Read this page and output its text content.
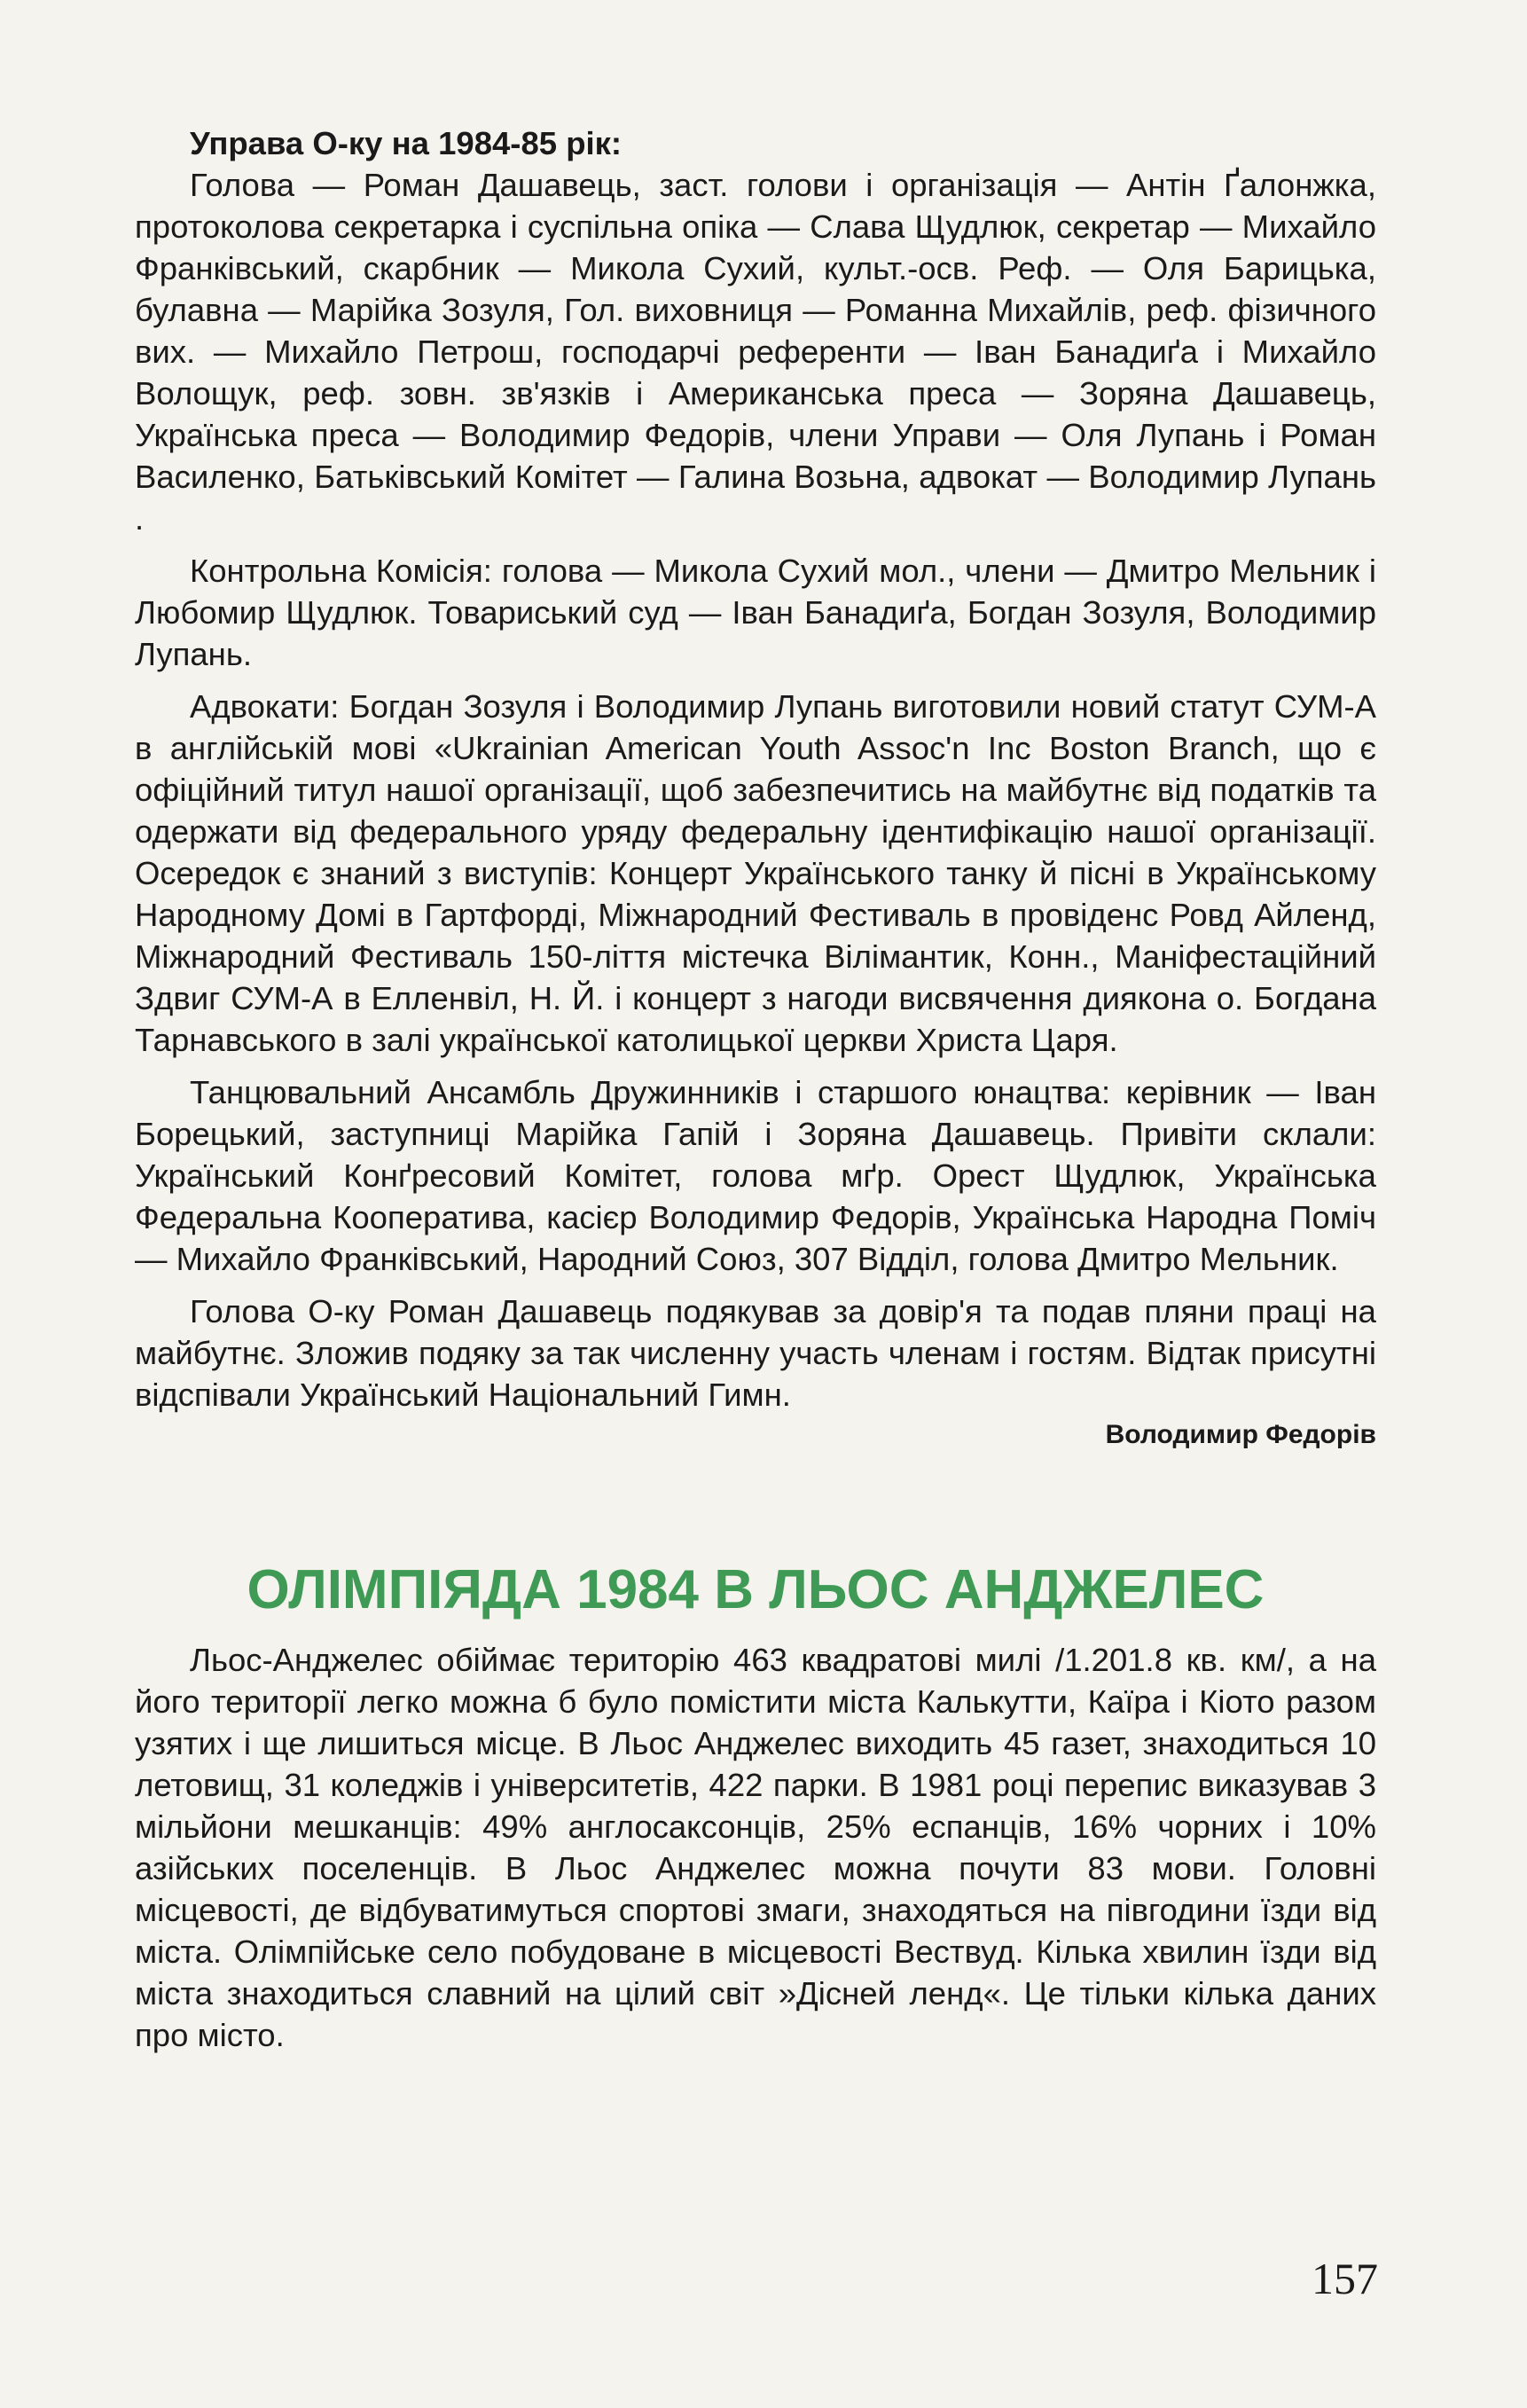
Управа О-ку на 1984-85 рік:

Голова — Роман Дашавець, заст. голови і організація — Антін Ґалонжка, протоколова секретарка і суспільна опіка — Слава Щудлюк, секретар — Михайло Франківський, скарбник — Микола Сухий, культ.-осв. Реф. — Оля Барицька, булавна — Марійка Зозуля, Гол. виховниця — Романна Михайлів, реф. фізичного вих. — Михайло Петрош, господарчі референти — Іван Банадиґа і Михайло Волощук, реф. зовн. зв'язків і Американська преса — Зоряна Дашавець, Українська преса — Володимир Федорів, члени Управи — Оля Лупань і Роман Василенко, Батьківський Комітет — Галина Возьна, адвокат — Володимир Лупань .

Контрольна Комісія: голова — Микола Сухий мол., члени — Дмитро Мельник і Любомир Щудлюк. Товариський суд — Іван Банадиґа, Богдан Зозуля, Володимир Лупань.

Адвокати: Богдан Зозуля і Володимир Лупань виготовили новий статут СУМ-А в англійській мові «Ukrainian American Youth Assoc'n Inc Boston Branch, що є офіційний титул нашої організації, щоб забезпечитись на майбутнє від податків та одержати від федерального уряду федеральну ідентифікацію нашої організації. Осередок є знаний з виступів: Концерт Українського танку й пісні в Українському Народному Домі в Гартфорді, Міжнародний Фестиваль в провіденс Ровд Айленд, Міжнародний Фестиваль 150-ліття містечка Вілімантик, Конн., Маніфестаційний Здвиг СУМ-А в Елленвіл, Н. Й. і концерт з нагоди висвячення диякона о. Богдана Тарнавського в залі української католицької церкви Христа Царя.

Танцювальний Ансамбль Дружинників і старшого юнацтва: керівник — Іван Борецький, заступниці Марійка Гапій і Зоряна Дашавець. Привіти склали: Український Конґресовий Комітет, голова мґр. Орест Щудлюк, Українська Федеральна Кооператива, касієр Володимир Федорів, Українська Народна Поміч — Михайло Франківський, Народний Союз, 307 Відділ, голова Дмитро Мельник.

Голова О-ку Роман Дашавець подякував за довір'я та подав пляни праці на майбутнє. Зложив подяку за так численну участь членам і гостям. Відтак присутні відспівали Український Національний Гимн.

Володимир Федорів
ОЛІМПІЯДА 1984 В ЛЬОС АНДЖЕЛЕС

Льос-Анджелес обіймає територію 463 квадратові милі /1.201.8 кв. км/, а на його території легко можна б було помістити міста Калькутти, Каїра і Кіото разом узятих і ще лишиться місце. В Льос Анджелес виходить 45 газет, знаходиться 10 летовищ, 31 коледжів і університетів, 422 парки. В 1981 році перепис виказував 3 мільйони мешканців: 49% англосаксонців, 25% еспанців, 16% чорних і 10% азійських поселенців. В Льос Анджелес можна почути 83 мови. Головні місцевості, де відбуватимуться спортові змаги, знаходяться на півгодини їзди від міста. Олімпійське село побудоване в місцевості Вествуд. Кілька хвилин їзди від міста знаходиться славний на цілий світ »Дісней ленд«. Це тільки кілька даних про місто.

157
